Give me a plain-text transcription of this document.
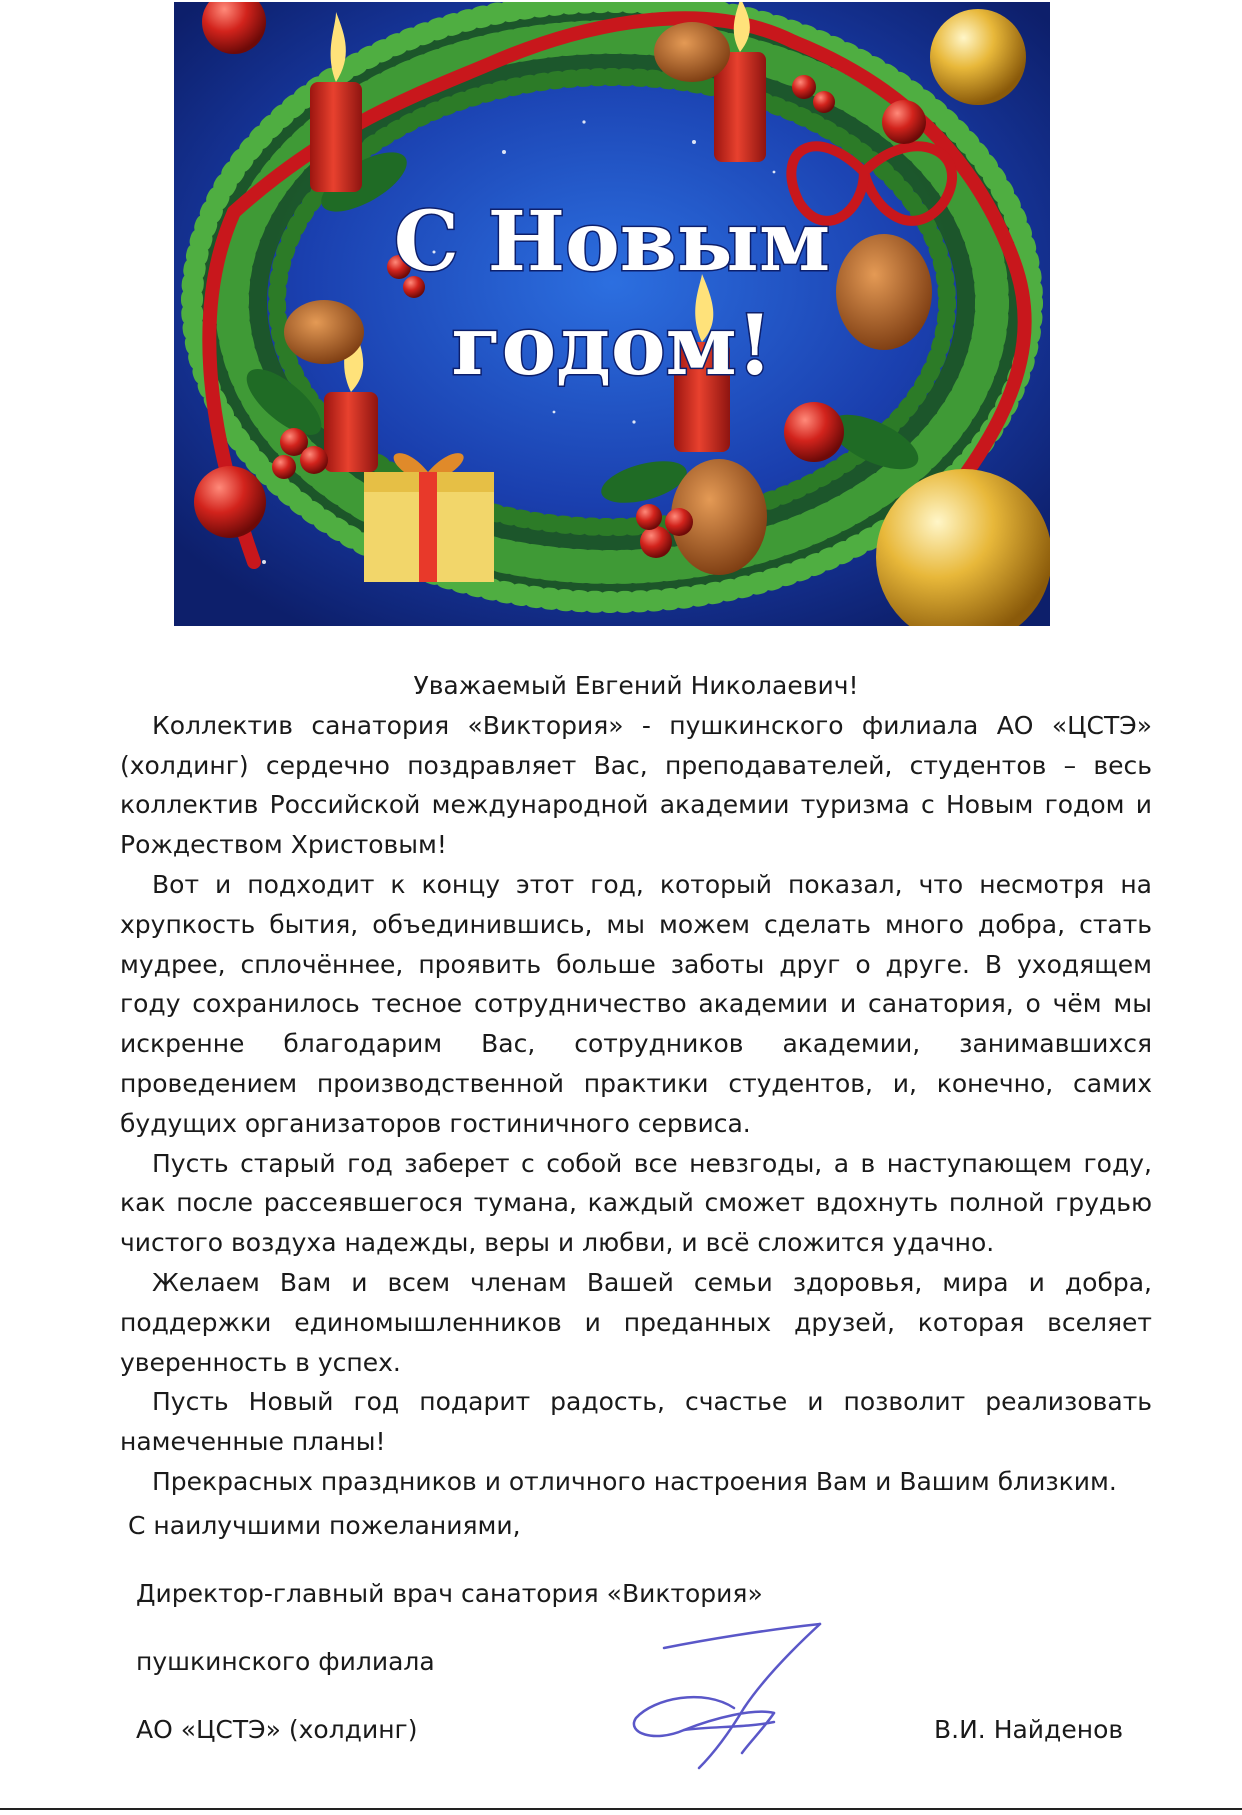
С Новым
годом!

Уважаемый Евгений Николаевич!

Коллектив санатория «Виктория» - пушкинского филиала АО «ЦСТЭ» (холдинг) сердечно поздравляет Вас, преподавателей, студентов – весь коллектив Российской международной академии туризма с Новым годом и Рождеством Христовым!

Вот и подходит к концу этот год, который показал, что несмотря на хрупкость бытия, объединившись, мы можем сделать много добра, стать мудрее, сплочённее, проявить больше заботы друг о друге. В уходящем году сохранилось тесное сотрудничество академии и санатория, о чём мы искренне благодарим Вас, сотрудников академии, занимавшихся проведением производственной практики студентов, и, конечно, самих будущих организаторов гостиничного сервиса.

Пусть старый год заберет с собой все невзгоды, а в наступающем году, как после рассеявшегося тумана, каждый сможет вдохнуть полной грудью чистого воздуха надежды, веры и любви, и всё сложится удачно.

Желаем Вам и всем членам Вашей семьи здоровья, мира и добра, поддержки единомышленников и преданных друзей, которая вселяет уверенность в успех.

Пусть Новый год подарит радость, счастье и позволит реализовать намеченные планы!

Прекрасных праздников и отличного настроения Вам и Вашим близким.

С наилучшими пожеланиями,

Директор-главный врач санатория «Виктория»

пушкинского филиала

АО «ЦСТЭ» (холдинг)	В.И. Найденов
